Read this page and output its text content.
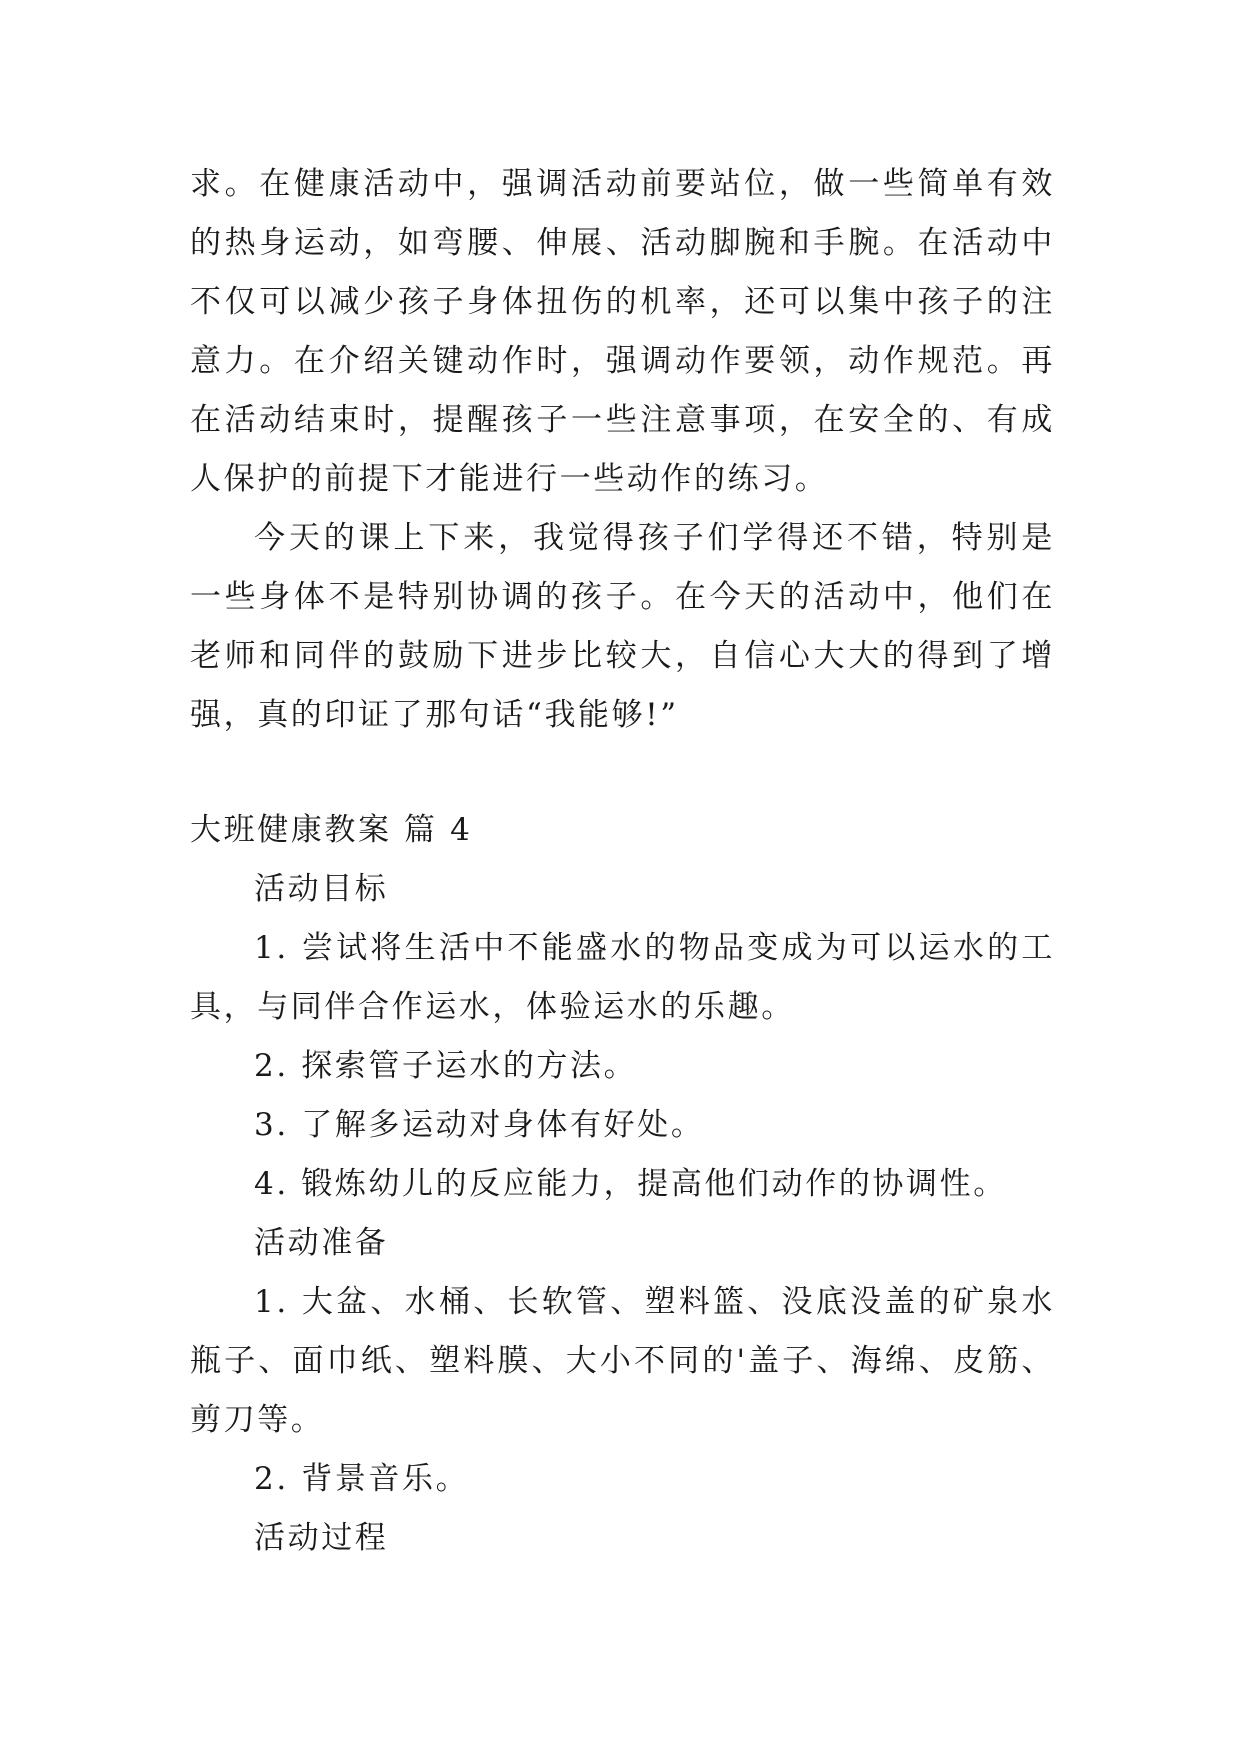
求。在健康活动中，强调活动前要站位，做一些简单有效的热身运动，如弯腰、伸展、活动脚腕和手腕。在活动中不仅可以减少孩子身体扭伤的机率，还可以集中孩子的注意力。在介绍关键动作时，强调动作要领，动作规范。再在活动结束时，提醒孩子一些注意事项，在安全的、有成人保护的前提下才能进行一些动作的练习。

今天的课上下来，我觉得孩子们学得还不错，特别是一些身体不是特别协调的孩子。在今天的活动中，他们在老师和同伴的鼓励下进步比较大，自信心大大的得到了增强，真的印证了那句话“我能够!”

大班健康教案 篇 4

活动目标

1. 尝试将生活中不能盛水的物品变成为可以运水的工具，与同伴合作运水，体验运水的乐趣。

2. 探索管子运水的方法。

3. 了解多运动对身体有好处。

4. 锻炼幼儿的反应能力，提高他们动作的协调性。

活动准备

1. 大盆、水桶、长软管、塑料篮、没底没盖的矿泉水瓶子、面巾纸、塑料膜、大小不同的'盖子、海绵、皮筋、剪刀等。

2. 背景音乐。

活动过程
